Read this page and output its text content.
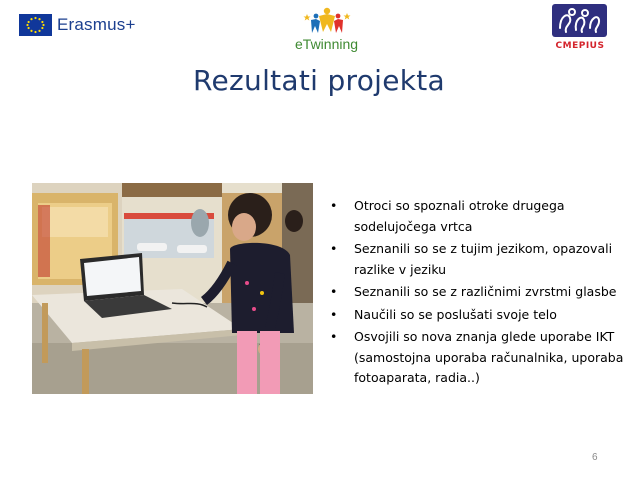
Erasmus+
eTwinning	CMEPIUS
Rezultati projekta
• Otroci so spoznali otroke drugega sodelujočega vrtca
• Seznanili so se z tujim jezikom, opazovali razlike v jeziku
• Seznanili so se z različnimi zvrstmi glasbe
• Naučili so se poslušati svoje telo
• Osvojili so nova znanja glede uporabe IKT (samostojna uporaba računalnika, uporaba fotoaparata, radia..)
6
